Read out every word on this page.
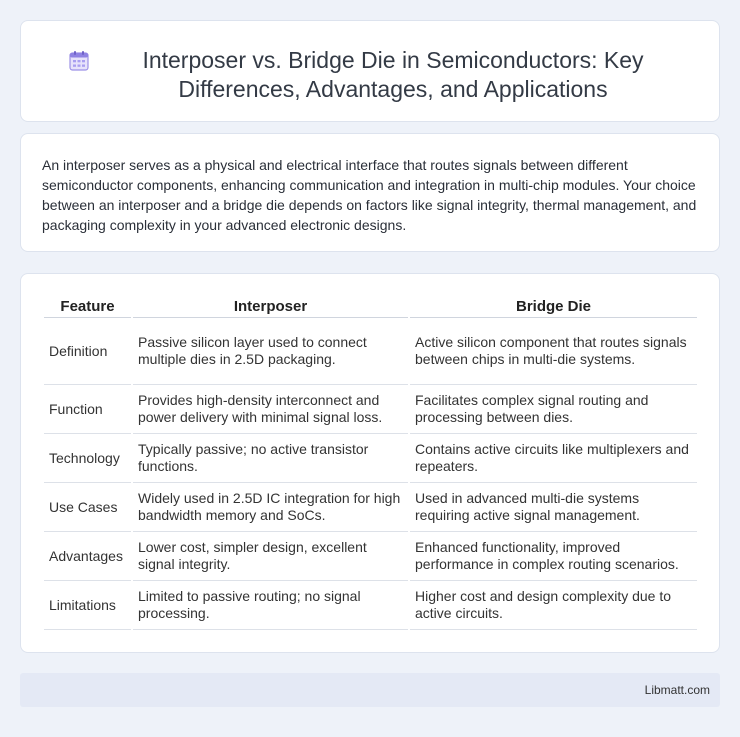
Interposer vs. Bridge Die in Semiconductors: Key Differences, Advantages, and Applications

An interposer serves as a physical and electrical interface that routes signals between different semiconductor components, enhancing communication and integration in multi-chip modules. Your choice between an interposer and a bridge die depends on factors like signal integrity, thermal management, and packaging complexity in your advanced electronic designs.

Feature	Interposer	Bridge Die
Definition	Passive silicon layer used to connect multiple dies in 2.5D packaging.	Active silicon component that routes signals between chips in multi-die systems.
Function	Provides high-density interconnect and power delivery with minimal signal loss.	Facilitates complex signal routing and processing between dies.
Technology	Typically passive; no active transistor functions.	Contains active circuits like multiplexers and repeaters.
Use Cases	Widely used in 2.5D IC integration for high bandwidth memory and SoCs.	Used in advanced multi-die systems requiring active signal management.
Advantages	Lower cost, simpler design, excellent signal integrity.	Enhanced functionality, improved performance in complex routing scenarios.
Limitations	Limited to passive routing; no signal processing.	Higher cost and design complexity due to active circuits.
Libmatt.com
